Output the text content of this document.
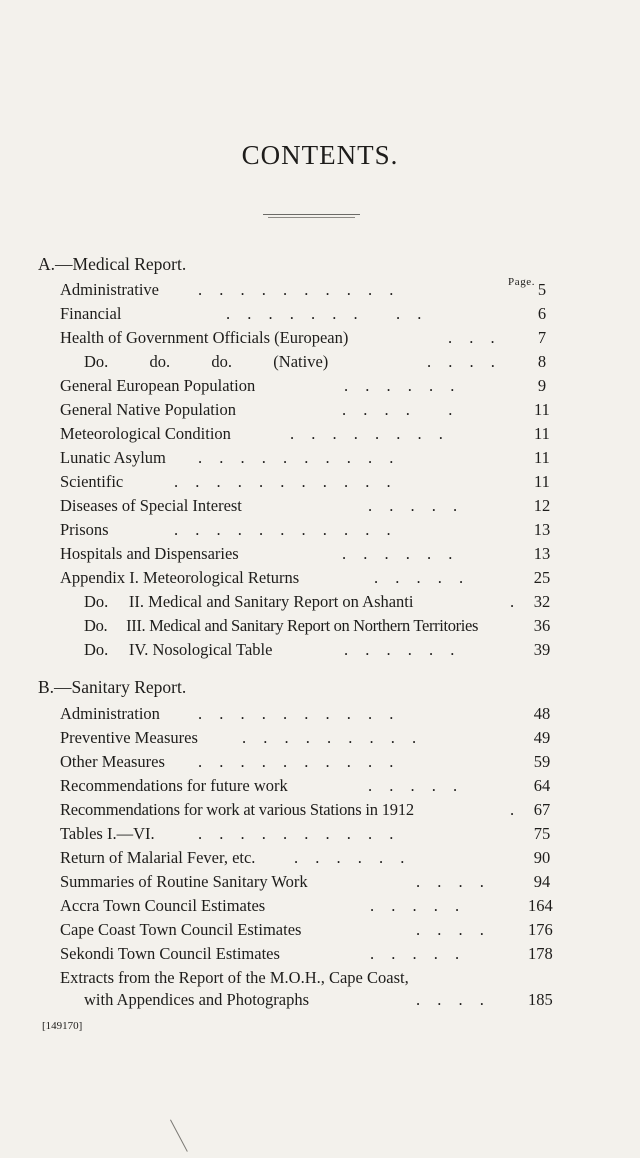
CONTENTS.
A.—Medical Report.
Page.
Administrative . . . . . . . . . .	5
Financial	. . . . . . .   . .	6
Health of Government Officials (European)	. . .	7
Do.          do.          do.          (Native)	. . . .	8
General European Population	. . . . . .	9
General Native Population	. . . .   .	11
Meteorological Condition	. . . . . . . .	11
Lunatic Asylum . . . . . . . . . .	11
Scientific	. . . . . . . . . . .	11
Diseases of Special Interest	. . . . .	12
Prisons	. . . . . . . . . . .	13
Hospitals and Dispensaries	. . . . . .	13
Appendix I. Meteorological Returns	. . . . .	25
Do.     II. Medical and Sanitary Report on Ashanti	. 32
Do.     III. Medical and Sanitary Report on Northern Territories	36
Do.     IV. Nosological Table	. . . . . .	39
B.—Sanitary Report.
Administration . . . . . . . . . .	48
Preventive Measures	. . . . . . . . .	49
Other Measures . . . . . . . . . .	59
Recommendations for future work	. . . . .	64
Recommendations for work at various Stations in 1912	. 67
Tables I.—VI.	. . . . . . . . . .	75
Return of Malarial Fever, etc. . . . . . .	90
Summaries of Routine Sanitary Work	. . . .	94
Accra Town Council Estimates	. . . . .	164
Cape Coast Town Council Estimates	. . . . 176
Sekondi Town Council Estimates	. . . . .	178
Extracts from the Report of the M.O.H., Cape Coast,
with Appendices and Photographs	. . . . 185
[149170]
